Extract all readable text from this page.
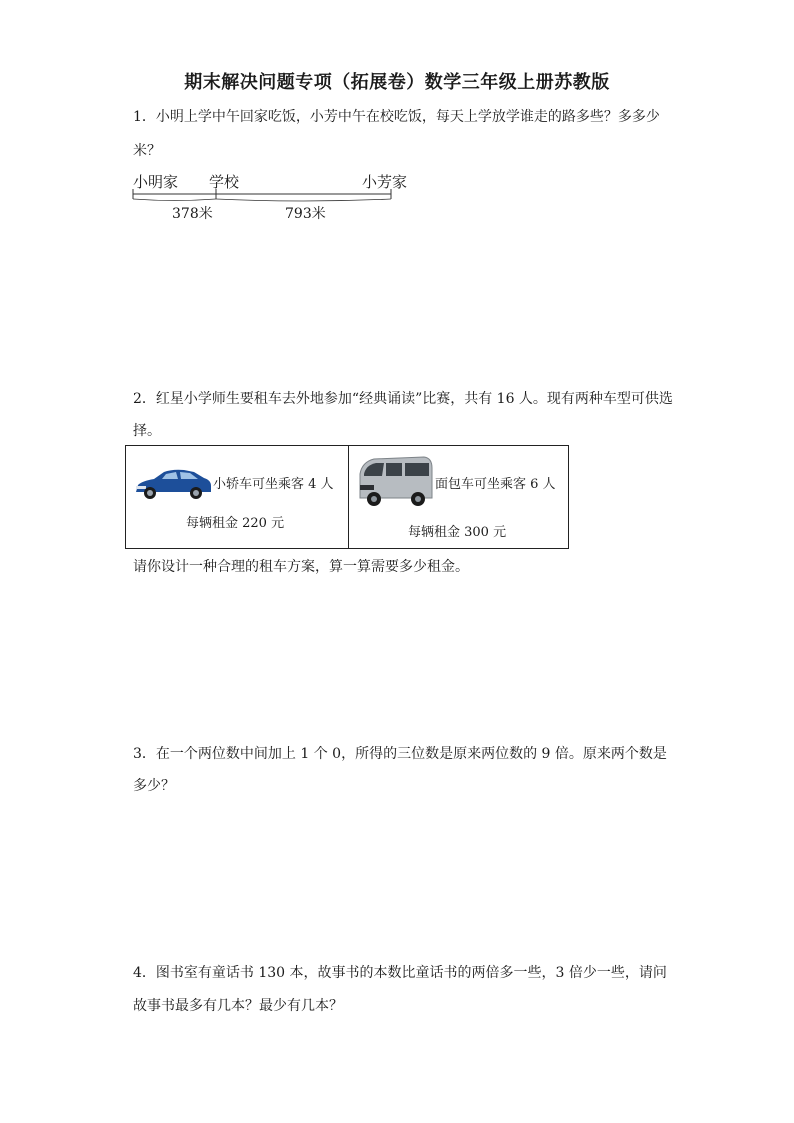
期末解决问题专项（拓展卷）数学三年级上册苏教版
1．小明上学中午回家吃饭，小芳中午在校吃饭，每天上学放学谁走的路多些？多多少
米？
小明家 学校	小芳家
378米	793米
2．红星小学师生要租车去外地参加“经典诵读”比赛，共有 16 人。现有两种车型可供选
择。
小轿车可坐乘客 4 人
每辆租金 220 元
面包车可坐乘客 6 人
每辆租金 300 元
请你设计一种合理的租车方案，算一算需要多少租金。
3．在一个两位数中间加上 1 个 0，所得的三位数是原来两位数的 9 倍。原来两个数是
多少？
4．图书室有童话书 130 本，故事书的本数比童话书的两倍多一些，3 倍少一些，请问
故事书最多有几本？最少有几本？
